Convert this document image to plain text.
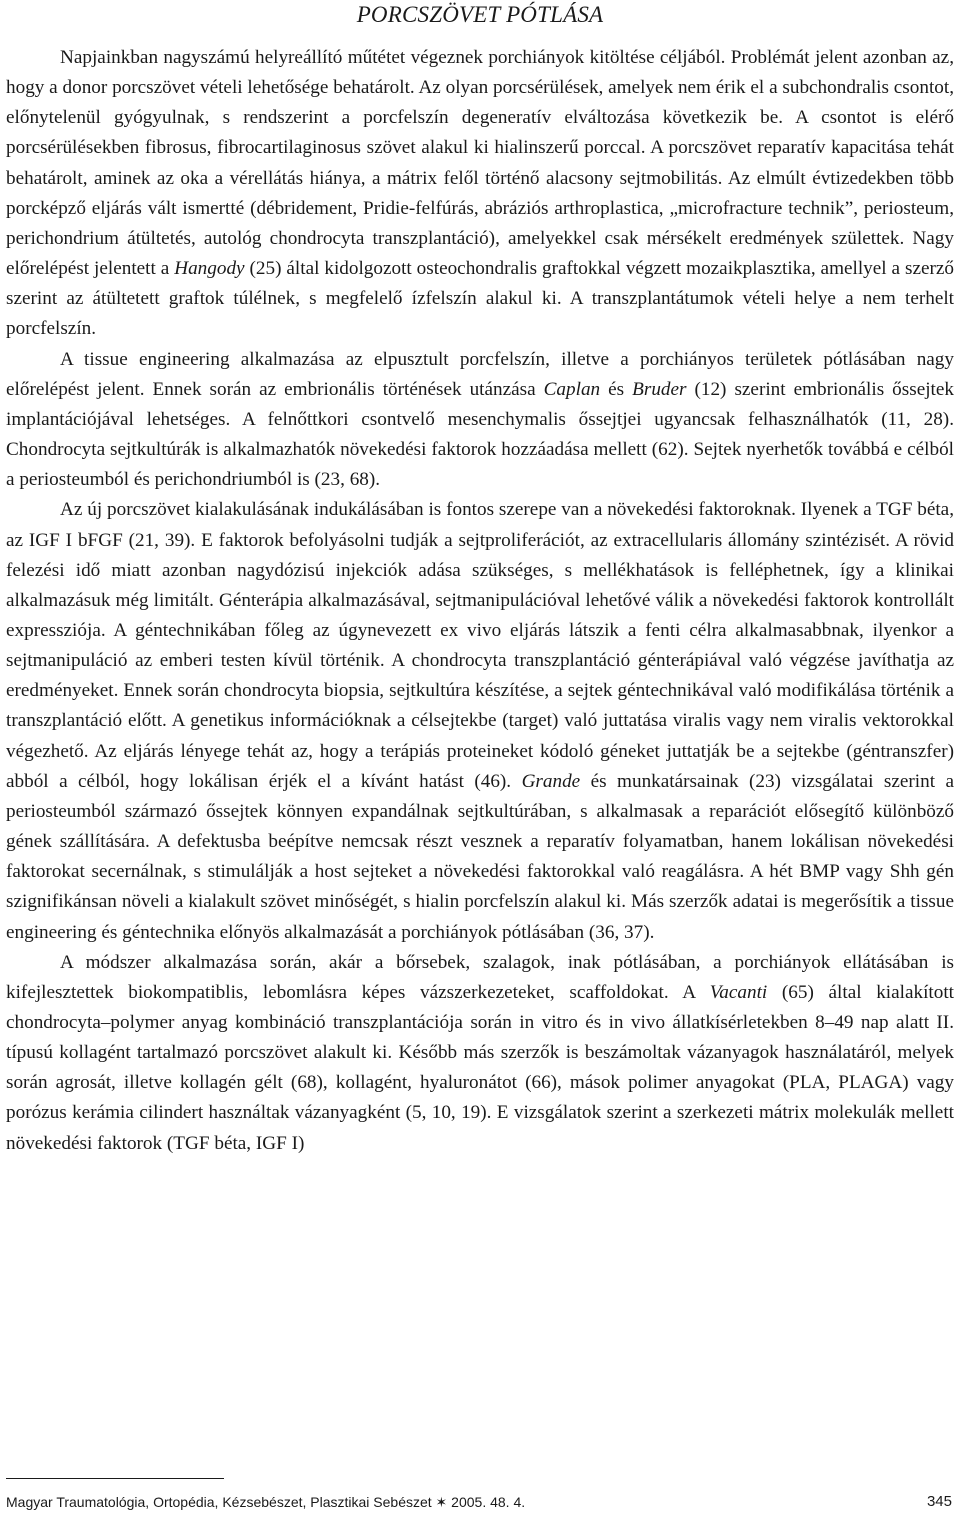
PORCSZÖVET PÓTLÁSA

Napjainkban nagyszámú helyreállító műtétet végeznek porchiányok kitöltése céljából. Problémát jelent azonban az, hogy a donor porcszövet vételi lehetősége behatárolt. Az olyan porcsérülések, amelyek nem érik el a subchondralis csontot, előnytelenül gyógyulnak, s rendszerint a porcfelszín degeneratív elváltozása következik be. A csontot is elérő porcsérülésekben fibrosus, fibrocartilaginosus szövet alakul ki hialinszerű porccal. A porcszövet reparatív kapacitása tehát behatárolt, aminek az oka a vérellátás hiánya, a mátrix felől történő alacsony sejtmobilitás. Az elmúlt évtizedekben több porcképző eljárás vált ismertté (débridement, Pridie-felfúrás, abráziós arthroplastica, „microfracture technik”, periosteum, perichondrium átültetés, autológ chondrocyta transzplantáció), amelyekkel csak mérsékelt eredmények születtek. Nagy előrelépést jelentett a Hangody (25) által kidolgozott osteochondralis graftokkal végzett mozaikplasztika, amellyel a szerző szerint az átültetett graftok túlélnek, s megfelelő ízfelszín alakul ki. A transzplantátumok vételi helye a nem terhelt porcfelszín.

A tissue engineering alkalmazása az elpusztult porcfelszín, illetve a porchiányos területek pótlásában nagy előrelépést jelent. Ennek során az embrionális történések utánzása Caplan és Bruder (12) szerint embrionális őssejtek implantációjával lehetséges. A felnőttkori csontvelő mesenchymalis őssejtjei ugyancsak felhasználhatók (11, 28). Chondrocyta sejtkultúrák is alkalmazhatók növekedési faktorok hozzáadása mellett (62). Sejtek nyerhetők továbbá e célból a periosteumból és perichondriumból is (23, 68).

Az új porcszövet kialakulásának indukálásában is fontos szerepe van a növekedési faktoroknak. Ilyenek a TGF béta, az IGF I bFGF (21, 39). E faktorok befolyásolni tudják a sejtproliferációt, az extracellularis állomány szintézisét. A rövid felezési idő miatt azonban nagydózisú injekciók adása szükséges, s mellékhatások is felléphetnek, így a klinikai alkalmazásuk még limitált. Génterápia alkalmazásával, sejtmanipulációval lehetővé válik a növekedési faktorok kontrollált expressziója. A géntechnikában főleg az úgynevezett ex vivo eljárás látszik a fenti célra alkalmasabbnak, ilyenkor a sejtmanipuláció az emberi testen kívül történik. A chondrocyta transzplantáció génterápiával való végzése javíthatja az eredményeket. Ennek során chondrocyta biopsia, sejtkultúra készítése, a sejtek géntechnikával való modifikálása történik a transzplantáció előtt. A genetikus információknak a célsejtekbe (target) való juttatása viralis vagy nem viralis vektorokkal végezhető. Az eljárás lényege tehát az, hogy a terápiás proteineket kódoló géneket juttatják be a sejtekbe (géntranszfer) abból a célból, hogy lokálisan érjék el a kívánt hatást (46). Grande és munkatársainak (23) vizsgálatai szerint a periosteumból származó őssejtek könnyen expandálnak sejtkultúrában, s alkalmasak a reparációt elősegítő különböző gének szállítására. A defektusba beépítve nemcsak részt vesznek a reparatív folyamatban, hanem lokálisan növekedési faktorokat secernálnak, s stimulálják a host sejteket a növekedési faktorokkal való reagálásra. A hét BMP vagy Shh gén szignifikánsan növeli a kialakult szövet minőségét, s hialin porcfelszín alakul ki. Más szerzők adatai is megerősítik a tissue engineering és géntechnika előnyös alkalmazását a porchiányok pótlásában (36, 37).

A módszer alkalmazása során, akár a bőrsebek, szalagok, inak pótlásában, a porchiányok ellátásában is kifejlesztettek biokompatiblis, lebomlásra képes vázszerkezeteket, scaffoldokat. A Vacanti (65) által kialakított chondrocyta–polymer anyag kombináció transzplantációja során in vitro és in vivo állatkísérletekben 8–49 nap alatt II. típusú kollagént tartalmazó porcszövet alakult ki. Később más szerzők is beszámoltak vázanyagok használatáról, melyek során agrosát, illetve kollagén gélt (68), kollagént, hyaluronátot (66), mások polimer anyagokat (PLA, PLAGA) vagy porózus kerámia cilindert használtak vázanyagként (5, 10, 19). E vizsgálatok szerint a szerkezeti mátrix molekulák mellett növekedési faktorok (TGF béta, IGF I)

Magyar Traumatológia, Ortopédia, Kézsebészet, Plasztikai Sebészet ✶ 2005. 48. 4.	345
